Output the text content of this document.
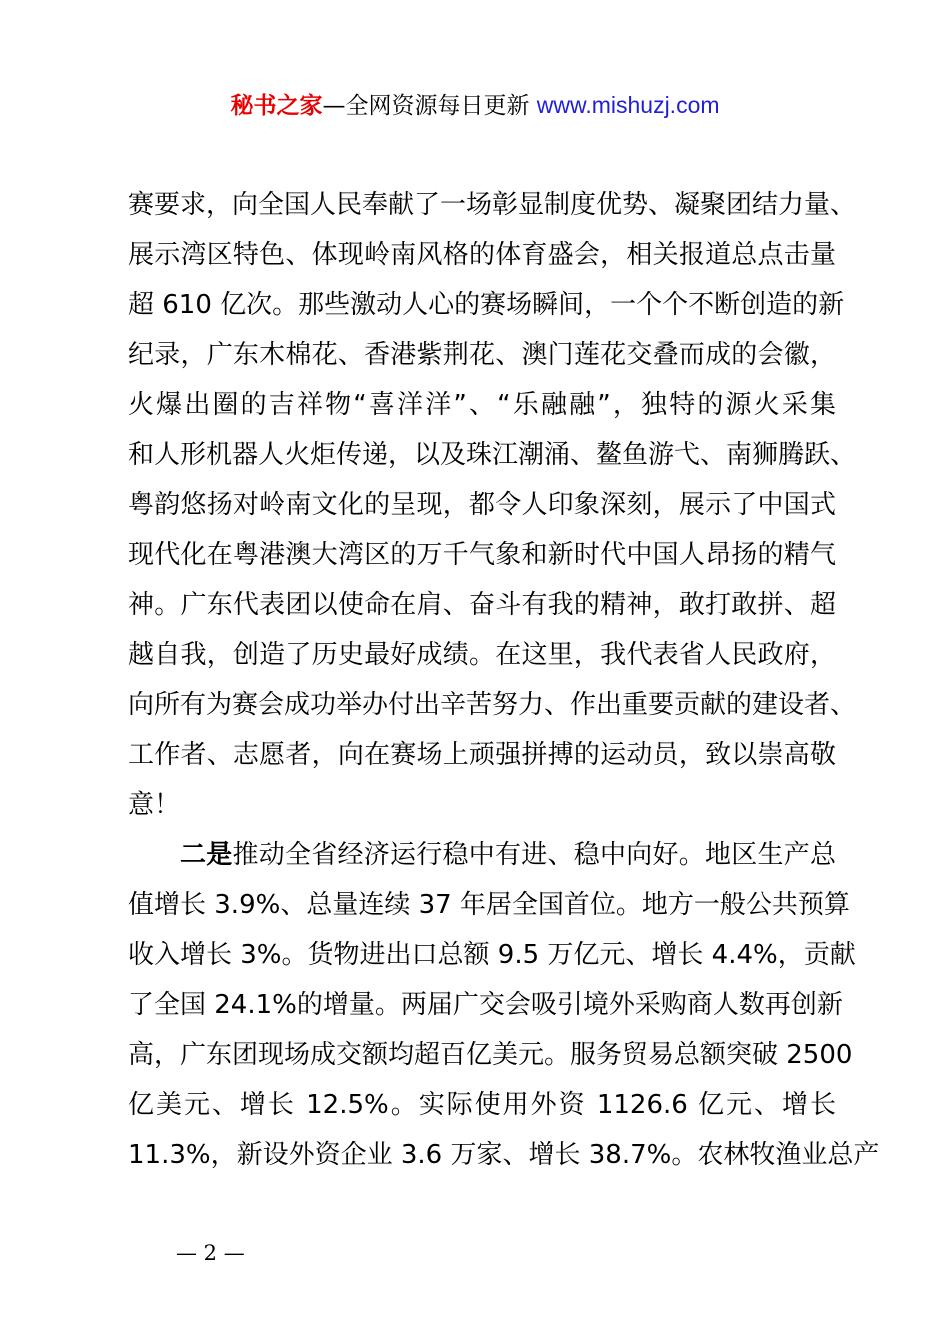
秘书之家—全网资源每日更新 www.mishuzj.com
赛要求，向全国人民奉献了一场彰显制度优势、凝聚团结力量、
展示湾区特色、体现岭南风格的体育盛会，相关报道总点击量
超 610 亿次。那些激动人心的赛场瞬间，一个个不断创造的新
纪录，广东木棉花、香港紫荆花、澳门莲花交叠而成的会徽，
火爆出圈的吉祥物“喜洋洋”、“乐融融”，独特的源火采集
和人形机器人火炬传递，以及珠江潮涌、鳌鱼游弋、南狮腾跃、
粤韵悠扬对岭南文化的呈现，都令人印象深刻，展示了中国式
现代化在粤港澳大湾区的万千气象和新时代中国人昂扬的精气
神。广东代表团以使命在肩、奋斗有我的精神，敢打敢拼、超
越自我，创造了历史最好成绩。在这里，我代表省人民政府，
向所有为赛会成功举办付出辛苦努力、作出重要贡献的建设者、
工作者、志愿者，向在赛场上顽强拼搏的运动员，致以崇高敬
意！
二是推动全省经济运行稳中有进、稳中向好。地区生产总
值增长 3.9%、总量连续 37 年居全国首位。地方一般公共预算
收入增长 3%。货物进出口总额 9.5 万亿元、增长 4.4%，贡献
了全国 24.1%的增量。两届广交会吸引境外采购商人数再创新
高，广东团现场成交额均超百亿美元。服务贸易总额突破 2500
亿美元、增长 12.5%。实际使用外资 1126.6 亿元、增长
11.3%，新设外资企业 3.6 万家、增长 38.7%。农林牧渔业总产
— 2 —
